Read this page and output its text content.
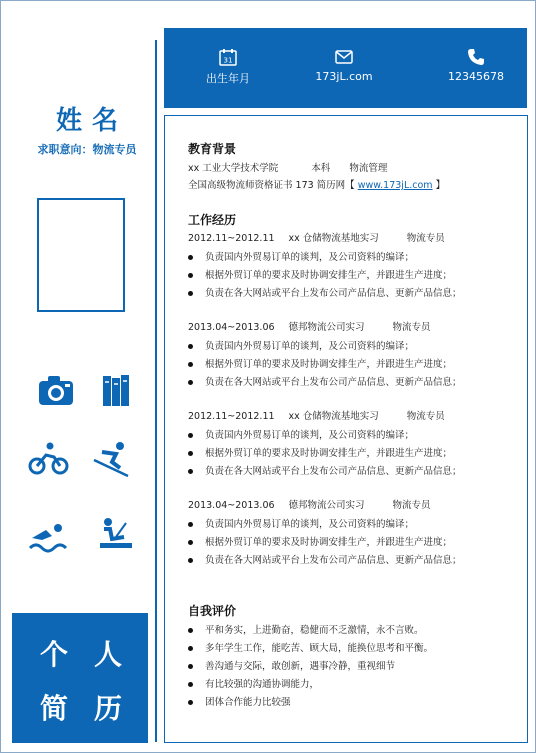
姓名
求职意向：物流专员
个 人
简 历
31
出生年月	173jL.com	12345678
教育背景
xx 工业大学技术学院	本科 物流管理
全国高级物流师资格证书 173 简历网【 www.173jL.com 】
工作经历
2012.11~2012.11 xx 仓储物流基地实习	物流专员
负责国内外贸易订单的谈判，及公司资料的编译；
根据外贸订单的要求及时协调安排生产，并跟进生产进度；
负责在各大网站或平台上发布公司产品信息、更新产品信息；
2013.04~2013.06 德邦物流公司实习	物流专员
负责国内外贸易订单的谈判，及公司资料的编译；
根据外贸订单的要求及时协调安排生产，并跟进生产进度；
负责在各大网站或平台上发布公司产品信息、更新产品信息；
2012.11~2012.11 xx 仓储物流基地实习	物流专员
负责国内外贸易订单的谈判，及公司资料的编译；
根据外贸订单的要求及时协调安排生产，并跟进生产进度；
负责在各大网站或平台上发布公司产品信息、更新产品信息；
2013.04~2013.06 德邦物流公司实习	物流专员
负责国内外贸易订单的谈判，及公司资料的编译；
根据外贸订单的要求及时协调安排生产，并跟进生产进度；
负责在各大网站或平台上发布公司产品信息、更新产品信息；
自我评价
平和务实，上进勤奋，稳健而不乏激情，永不言败。
多年学生工作，能吃苦、顾大局，能换位思考和平衡。
善沟通与交际，敢创新，遇事冷静，重视细节
有比较强的沟通协调能力，
团体合作能力比较强
